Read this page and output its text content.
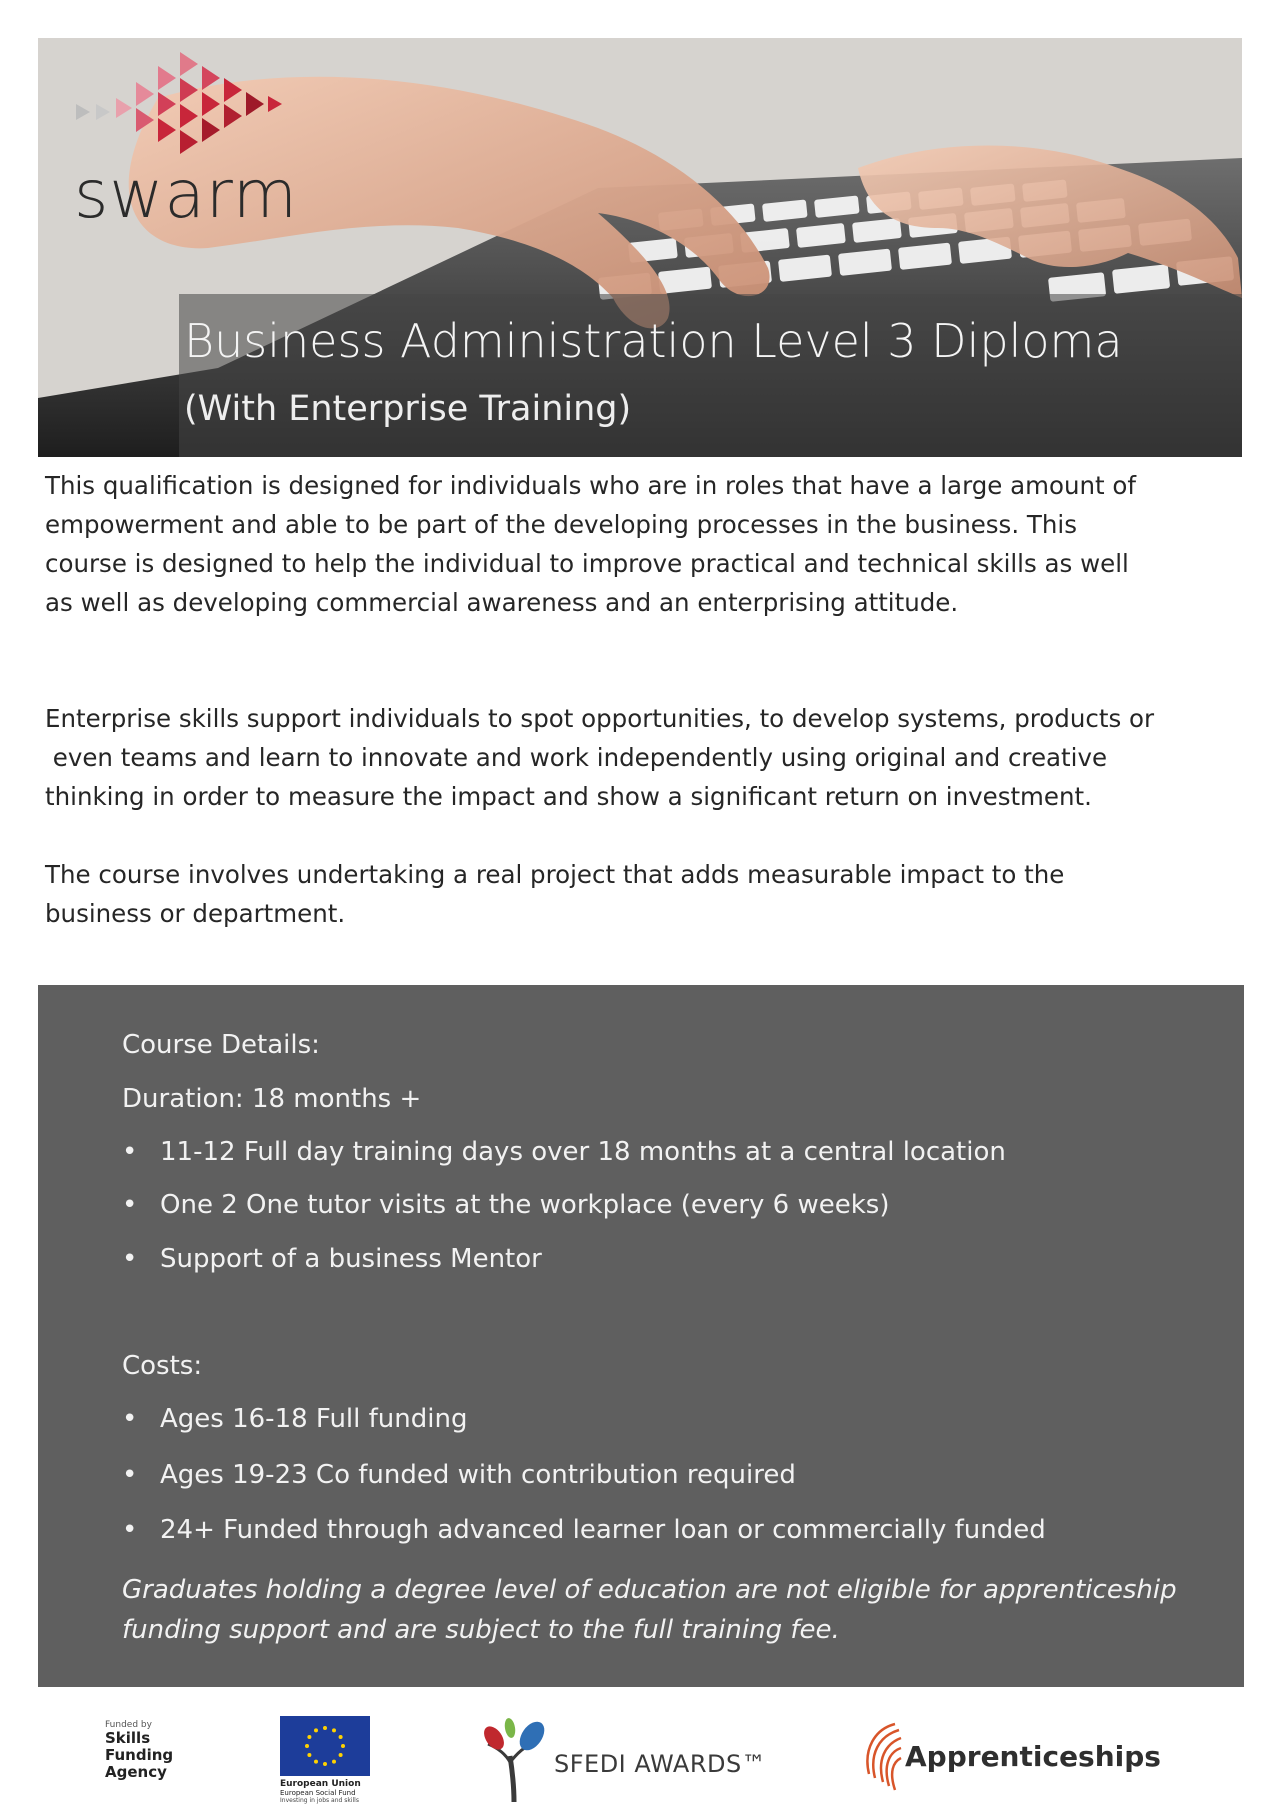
swarm
Business Administration Level 3 Diploma
(With Enterprise Training)
This qualification is designed for individuals who are in roles that have a large amount of
empowerment and able to be part of the developing processes in the business. This
course is designed to help the individual to improve practical and technical skills as well
as well as developing commercial awareness and an enterprising attitude.
Enterprise skills support individuals to spot opportunities, to develop systems, products or
even teams and learn to innovate and work independently using original and creative
thinking in order to measure the impact and show a significant return on investment.
The course involves undertaking a real project that adds measurable impact to the
business or department.
Course Details:
Duration: 18 months +
• 11-12 Full day training days over 18 months at a central location
• One 2 One tutor visits at the workplace (every 6 weeks)
• Support of a business Mentor
Costs:
• Ages 16-18 Full funding
• Ages 19-23 Co funded with contribution required
• 24+ Funded through advanced learner loan or commercially funded
Graduates holding a degree level of education are not eligible for apprenticeship
funding support and are subject to the full training fee.
Funded by
Skills
Funding
Agency
European Union
European Social Fund
Investing in jobs and skills
SFEDI AWARDS™	Apprenticeships
